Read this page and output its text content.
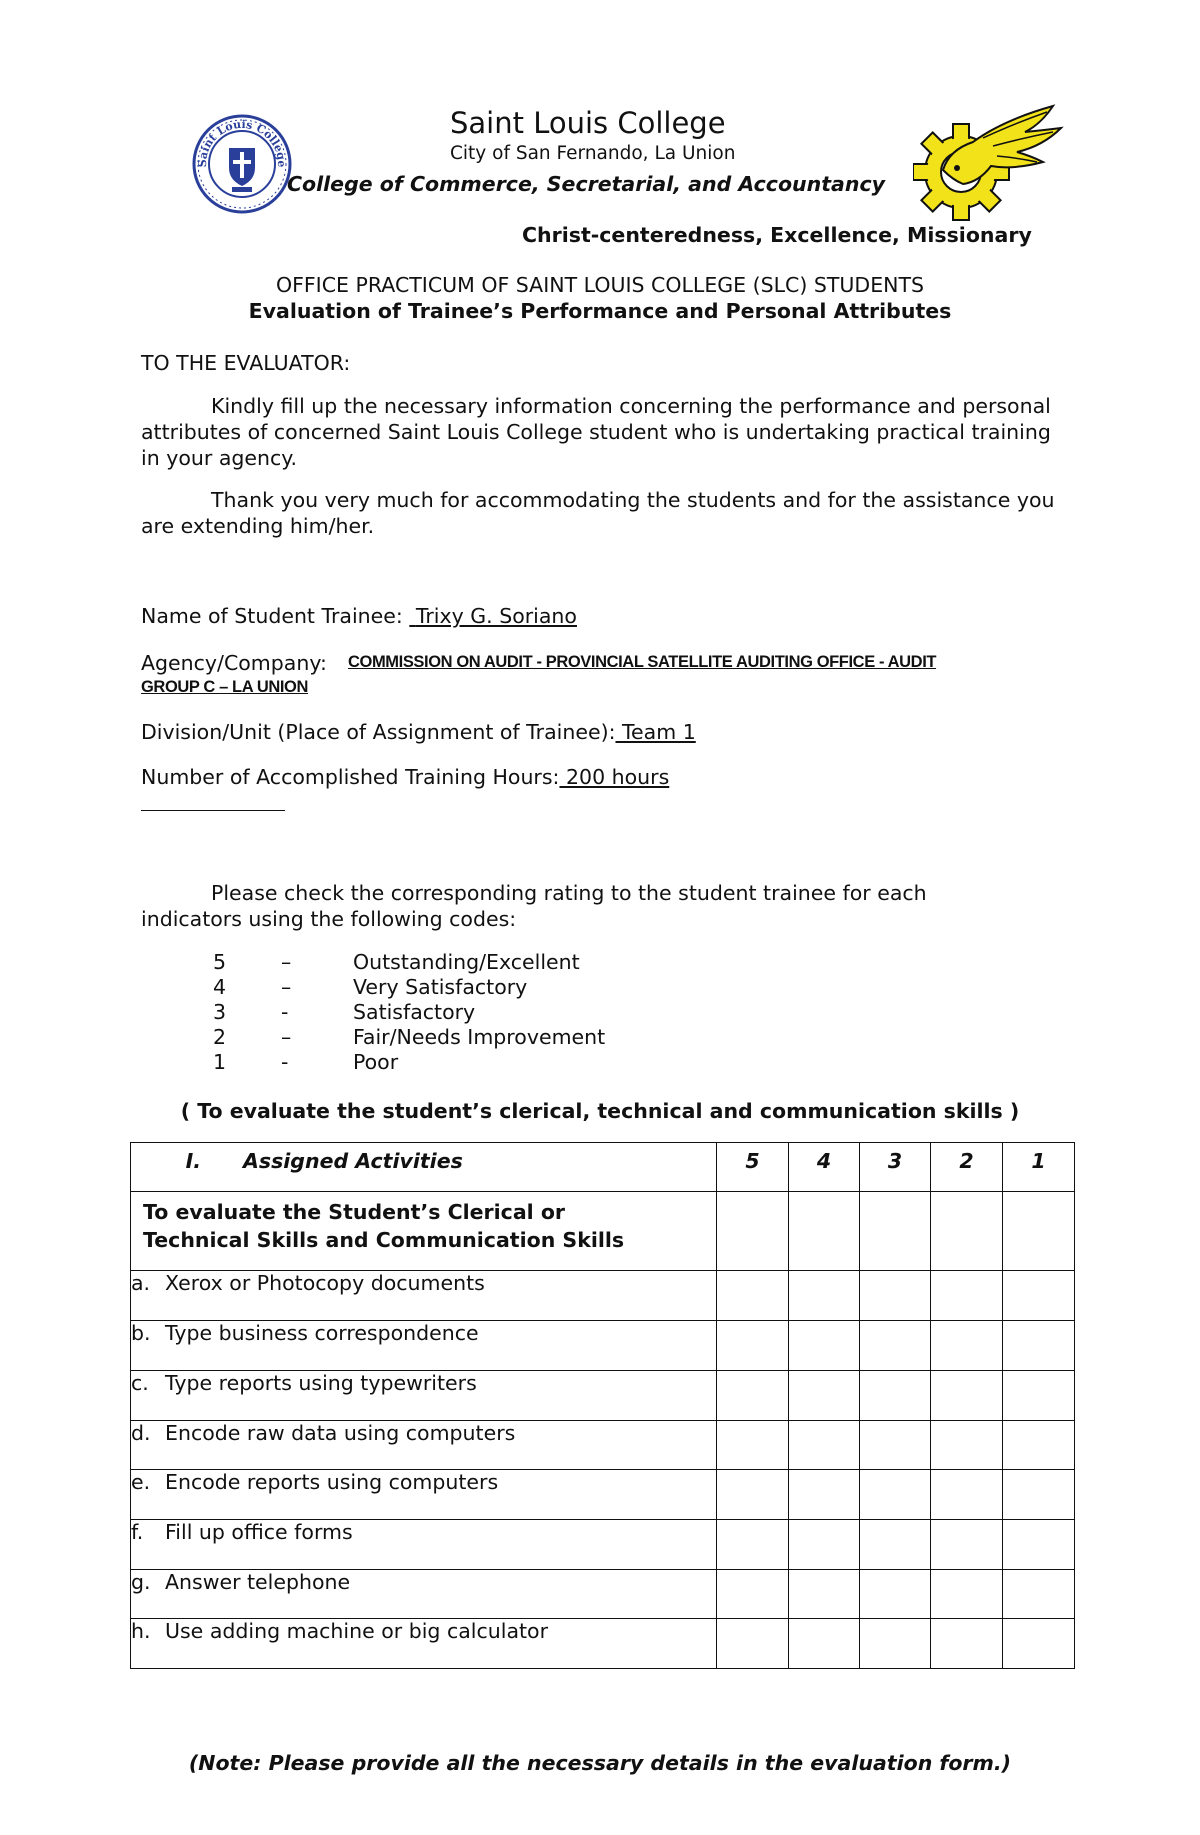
Saint Louis College
Saint Louis College
City of San Fernando, La Union
College of Commerce, Secretarial, and Accountancy
Christ-centeredness, Excellence, Missionary
OFFICE PRACTICUM OF SAINT LOUIS COLLEGE (SLC) STUDENTS
Evaluation of Trainee’s Performance and Personal Attributes
TO THE EVALUATOR:
Kindly fill up the necessary information concerning the performance and personal attributes of concerned Saint Louis College student who is undertaking practical training in your agency.
Thank you very much for accommodating the students and for the assistance you are extending him/her.
Name of Student Trainee:  Trixy G. Soriano
Agency/Company: COMMISSION ON AUDIT - PROVINCIAL SATELLITE AUDITING OFFICE - AUDIT
GROUP C – LA UNION
Division/Unit (Place of Assignment of Trainee): Team 1
Number of Accomplished Training Hours: 200 hours
Please check the corresponding rating to the student trainee for each indicators using the following codes:
5	–	Outstanding/Excellent
4	–	Very Satisfactory
3	-	Satisfactory
2	–	Fair/Needs Improvement
1	-	Poor
( To evaluate the student’s clerical, technical and communication skills )
I. Assigned Activities	5	4	3	2	1

To evaluate the Student’s Clerical or
Technical Skills and Communication Skills					

a. Xerox or Photocopy documents					
b. Type business correspondence					
c. Type reports using typewriters					
d. Encode raw data using computers					
e. Encode reports using computers					
f. Fill up office forms					
g. Answer telephone					
h. Use adding machine or big calculator					
(Note: Please provide all the necessary details in the evaluation form.)
